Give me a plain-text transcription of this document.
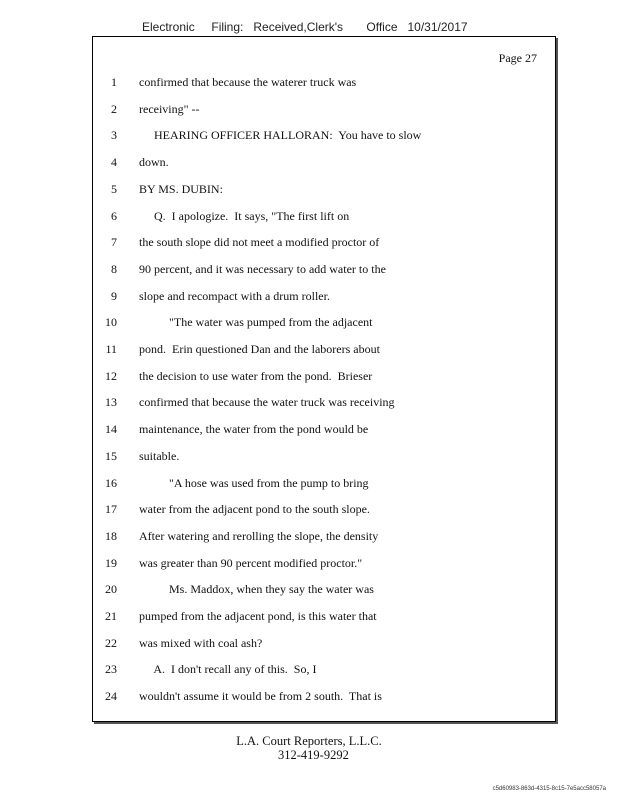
Electronic     Filing:   Received,Clerk's       Office   10/31/2017
Page 27
1 confirmed that because the waterer truck was
2 receiving" --
3 HEARING OFFICER HALLORAN:  You have to slow
4 down.
5 BY MS. DUBIN:
6 Q.  I apologize.  It says, "The first lift on
7 the south slope did not meet a modified proctor of
8 90 percent, and it was necessary to add water to the
9 slope and recompact with a drum roller.
10 "The water was pumped from the adjacent
11 pond.  Erin questioned Dan and the laborers about
12 the decision to use water from the pond.  Brieser
13 confirmed that because the water truck was receiving
14 maintenance, the water from the pond would be
15 suitable.
16 "A hose was used from the pump to bring
17 water from the adjacent pond to the south slope.
18 After watering and rerolling the slope, the density
19 was greater than 90 percent modified proctor."
20 Ms. Maddox, when they say the water was
21 pumped from the adjacent pond, is this water that
22 was mixed with coal ash?
23 A.  I don't recall any of this.  So, I
24 wouldn't assume it would be from 2 south.  That is
L.A. Court Reporters, L.L.C.
312-419-9292
c5d60983-863d-4315-8c15-7e5acc58057a
